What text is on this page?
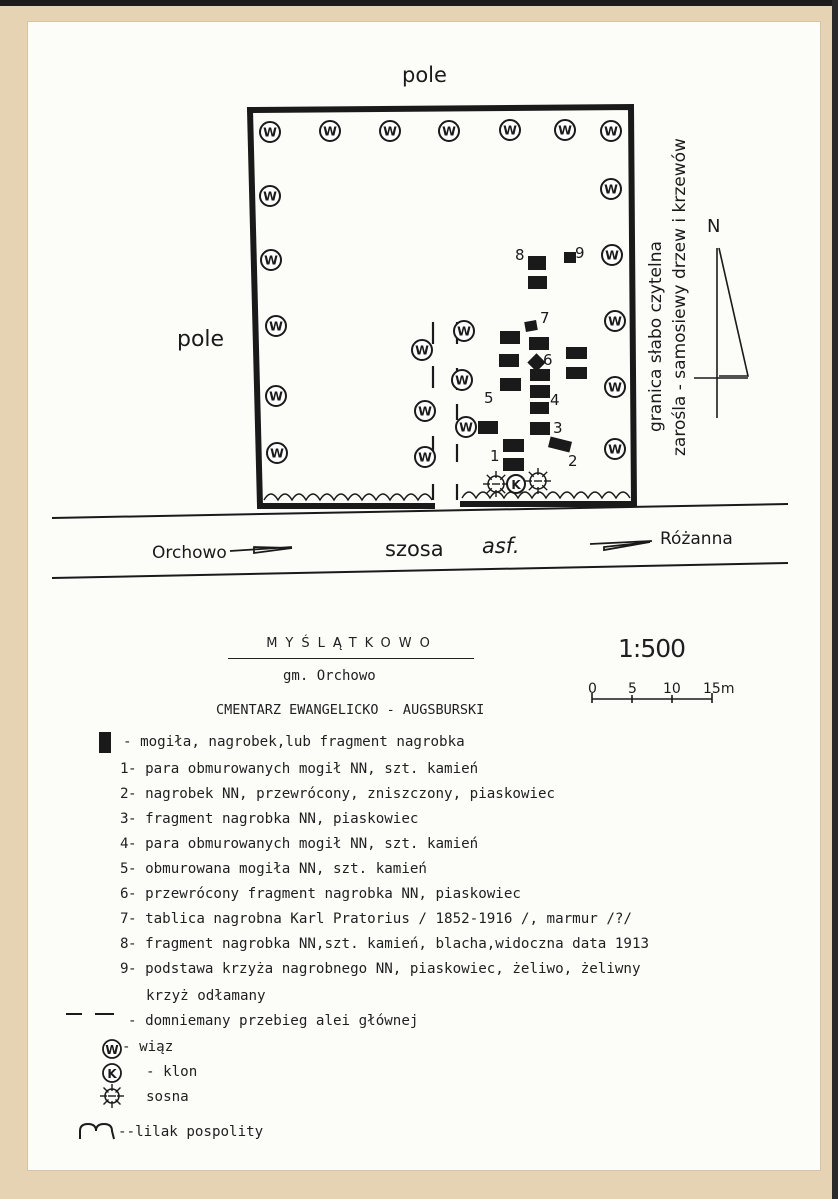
pole
pole
W	W	W	W	W	W	W
W	W
W	W
W	W
W
W
W	W
W
W
W
W
W
W
K
1	2
3
4
5
6
7
8	9	granica słabo czytelna zarośla - samosiewy drzew i krzewów N
Orchowo	szosa asf.	Różanna
0 5 10 15m
W
K
MYŚLĄTKOWO
gm. Orchowo
CMENTARZ EWANGELICKO - AUGSBURSKI
1:500
- mogiła, nagrobek,lub fragment nagrobka
1 - para obmurowanych mogił NN, szt. kamień
2 - nagrobek NN, przewrócony, zniszczony, piaskowiec
3 - fragment nagrobka NN, piaskowiec
4 - para obmurowanych mogił NN, szt. kamień
5 - obmurowana mogiła NN, szt. kamień
6 - przewrócony fragment nagrobka NN, piaskowiec
7 - tablica nagrobna Karl Pratorius / 1852-1916 /, marmur /?/
8 - fragment nagrobka NN,szt. kamień, blacha,widoczna data 1913
9 - podstawa krzyża nagrobnego NN, piaskowiec, żeliwo, żeliwny
krzyż odłamany
- domniemany przebieg alei głównej
- wiąz
- klon
sosna
--lilak pospolity
